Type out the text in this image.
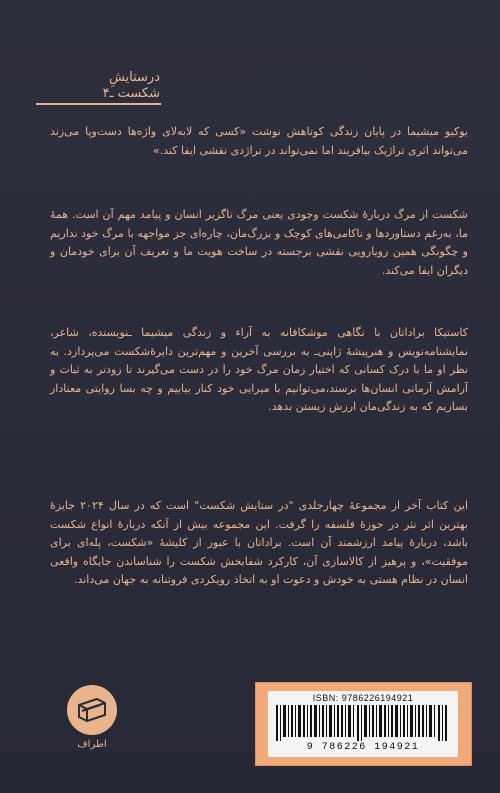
درستایشِ
شکست ـ۴

یوکیو میشیما در پایان زندگی کوتاهش نوشت «کسی که لابه‌لای واژه‌ها دست‌وپا می‌زند می‌تواند اثری تراژیک بیافریند اما نمی‌تواند در تراژدی نقشی ایفا کند.»

شکست از مرگ دربارهٔ شکست وجودی یعنی مرگ ناگزیر انسان و پیامد مهم آن است. همهٔ ما، به‌رغم دستاوردها و ناکامی‌های کوچک و بزرگ‌مان، چاره‌ای جز مواجهه با مرگ خود نداریم و چگونگی همین رویارویی نقشی برجسته در ساخت هویت ما و تعریف آن برای خودمان و دیگران ایفا می‌کند.

کاستیکا براداتان با نگاهی موشکافانه به آراء و زندگی میشیما ـنویسنده، شاعر، نمایشنامه‌نویس و هنرپیشهٔ ژاپنی‌ـ به بررسی آخرین و مهم‌ترین دایرۀشکست می‌پردازد. به نظر او ما با درک کسانی که اختیار زمان مرگ خود را در دست می‌گیرند تا زودتر به ثبات و آرامش آرمانی انسان‌ها برسند،می‌توانیم با میرایی خود کنار بیاییم و چه بسا روایتی معنادار بسازیم که به زندگی‌مان ارزش زیستن بدهد.

این کتاب آخر از مجموعهٔ چهارجلدی "در ستایش شکست" است که در سال ۲۰۲۴ جایزهٔ بهترین اثر نثر در حوزهٔ فلسفه را گرفت. این مجموعه بیش از آنکه دربارهٔ انواع شکست باشد، دربارهٔ پیامد ارزشمند آن است. براداتان با عبور از کلیشهٔ «شکست، پله‌ای برای موفقیت»، و پرهیز از کالاسازی آن، کارکرد شفابخش شکست را شناساندن جایگاه واقعی انسان در نظام هستی به خودش و دعوت او به اتخاذ رویکردی فروتنانه به جهان می‌داند.

اطراف
ISBN: 9786226194921
9 786226 194921
